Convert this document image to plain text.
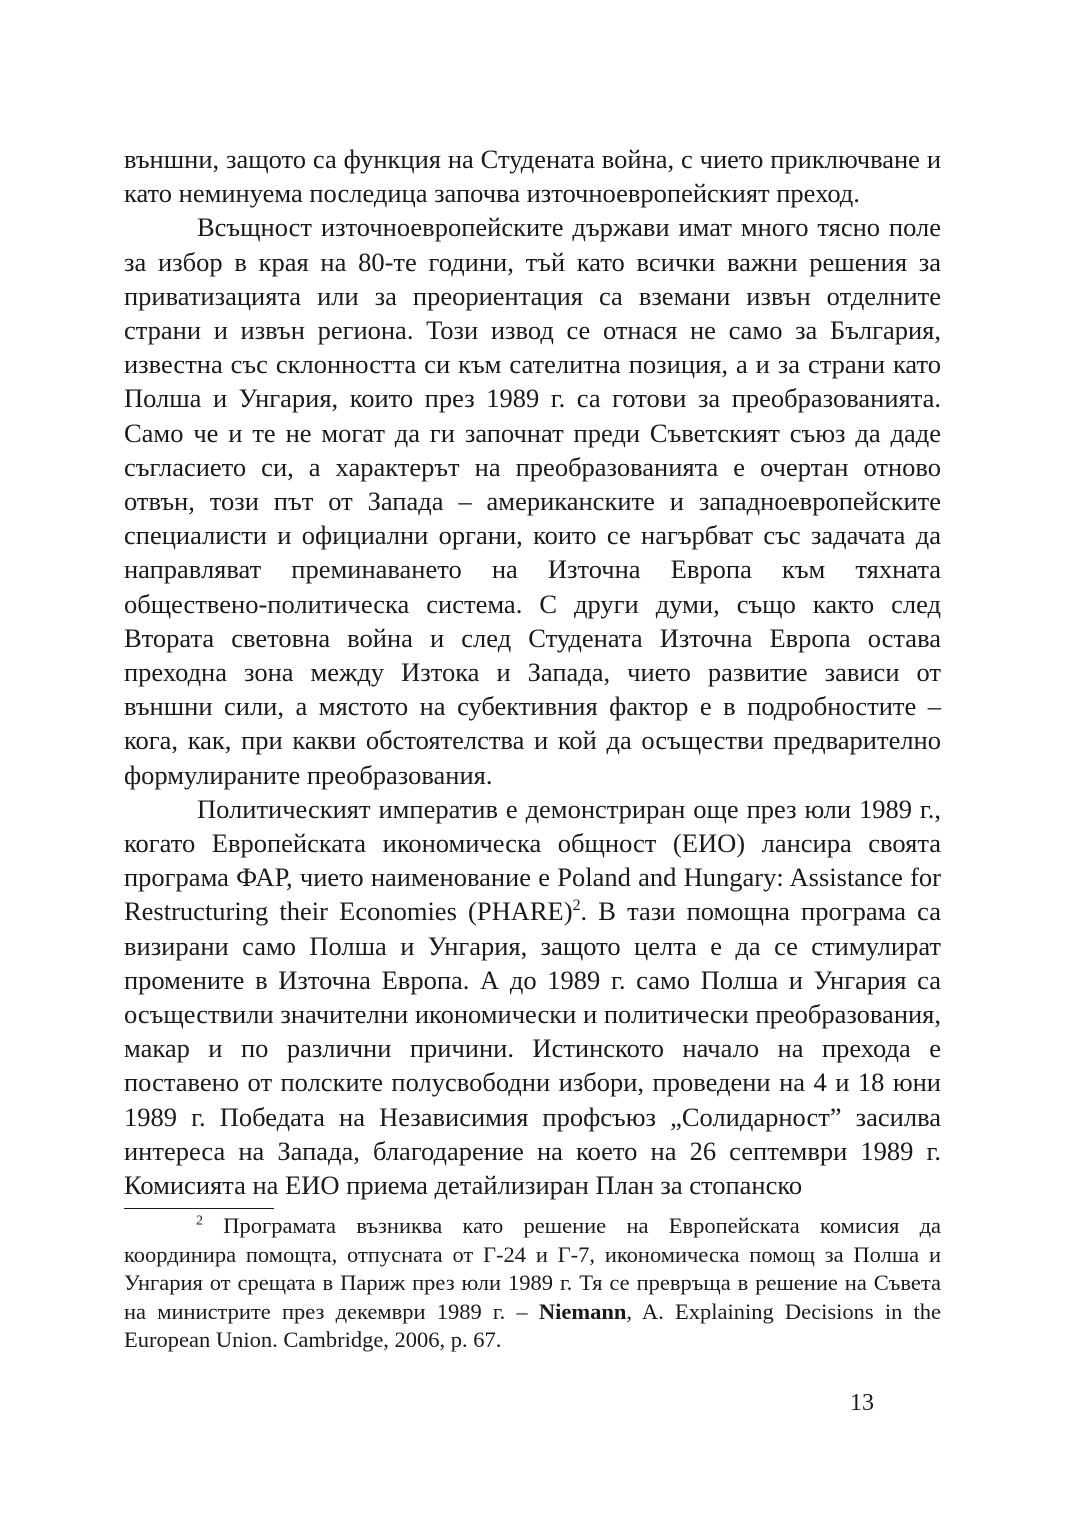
външни, защото са функция на Студената война, с чието приключване и като неминуема последица започва източноевропейският преход.

Всъщност източноевропейските държави имат много тясно поле за избор в края на 80-те години, тъй като всички важни решения за приватизацията или за преориентация са вземани извън отделните страни и извън региона. Този извод се отнася не само за България, известна със склонността си към сателитна позиция, а и за страни като Полша и Унгария, които през 1989 г. са готови за преобразованията. Само че и те не могат да ги започнат преди Съветският съюз да даде съгласието си, а характерът на преобразованията е очертан отново отвън, този път от Запада – американските и западноевропейските специалисти и официални органи, които се нагърбват със задачата да направляват преминаването на Източна Европа към тяхната обществено-политическа система. С други думи, също както след Втората световна война и след Студената Източна Европа остава преходна зона между Изтока и Запада, чието развитие зависи от външни сили, а мястото на субективния фактор е в подробностите – кога, как, при какви обстоятелства и кой да осъществи предварително формулираните преобразования.

Политическият императив е демонстриран още през юли 1989 г., когато Европейската икономическа общност (ЕИО) лансира своята програма ФАР, чието наименование е Poland and Hungary: Assistance for Restructuring their Economies (PHARE)$^2$. В тази помощна програма са визирани само Полша и Унгария, защото целта е да се стимулират промените в Източна Европа. А до 1989 г. само Полша и Унгария са осъществили значителни икономически и политически преобразования, макар и по различни причини. Истинското начало на прехода е поставено от полските полусвободни избори, проведени на 4 и 18 юни 1989 г. Победата на Независимия профсъюз „Солидарност” засилва интереса на Запада, благодарение на което на 26 септември 1989 г. Комисията на ЕИО приема детайлизиран План за стопанско

$^2$ Програмата възниква като решение на Европейската комисия да координира помощта, отпусната от Г-24 и Г-7, икономическа помощ за Полша и Унгария от срещата в Париж през юли 1989 г. Тя се превръща в решение на Съвета на министрите през декември 1989 г. – Niemann, A. Explaining Decisions in the European Union. Cambridge, 2006, p. 67.

13
